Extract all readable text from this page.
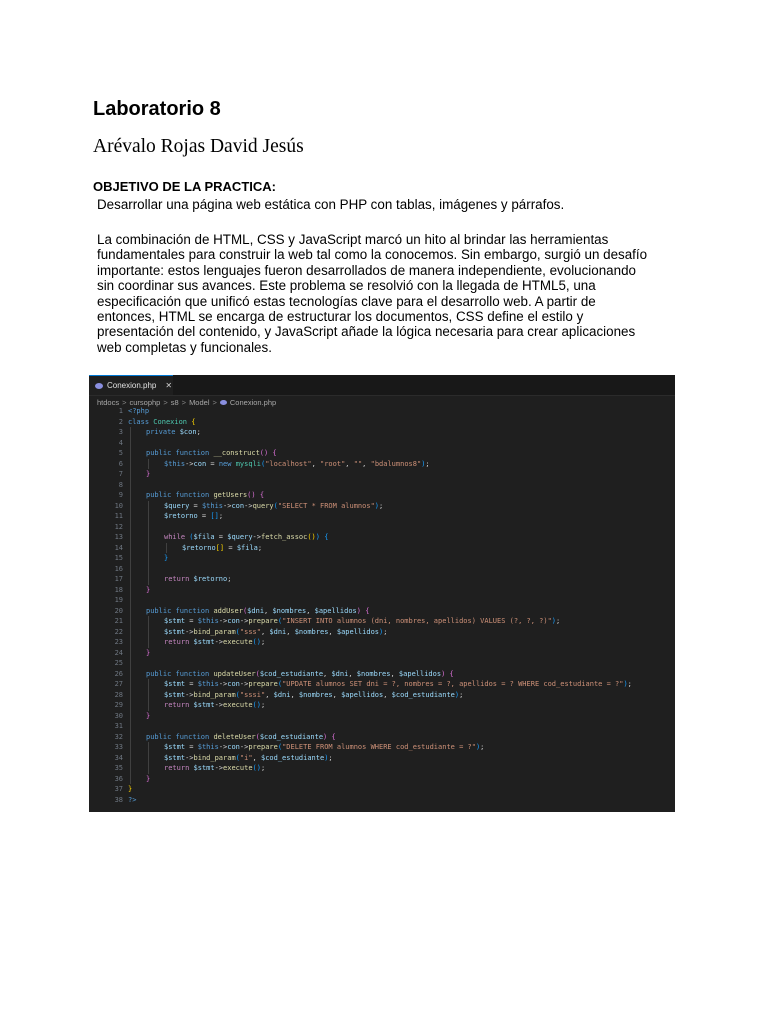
Laboratorio 8

Arévalo Rojas David Jesús

OBJETIVO DE LA PRACTICA:

Desarrollar una página web estática con PHP con tablas, imágenes y párrafos.

La combinación de HTML, CSS y JavaScript marcó un hito al brindar las herramientas
fundamentales para construir la web tal como la conocemos. Sin embargo, surgió un desafío
importante: estos lenguajes fueron desarrollados de manera independiente, evolucionando
sin coordinar sus avances. Este problema se resolvió con la llegada de HTML5, una
especificación que unificó estas tecnologías clave para el desarrollo web. A partir de
entonces, HTML se encarga de estructurar los documentos, CSS define el estilo y
presentación del contenido, y JavaScript añade la lógica necesaria para crear aplicaciones
web completas y funcionales.
Conexion.php ✕
htdocs > cursophp > s8 > Model > Conexion.php
1 <?php
2 class Conexion {
3	private $con;
4
5	public function __construct() {
6	$this->con = new mysqli("localhost", "root", "", "bdalumnos8");
7	}
8
9	public function getUsers() {
10	$query = $this->con->query("SELECT * FROM alumnos");
11	$retorno = [];
12
13	while ($fila = $query->fetch_assoc()) {
14	$retorno[] = $fila;
15	}
16
17	return $retorno;
18	}
19
20	public function addUser($dni, $nombres, $apellidos) {
21	$stmt = $this->con->prepare("INSERT INTO alumnos (dni, nombres, apellidos) VALUES (?, ?, ?)");
22	$stmt->bind_param("sss", $dni, $nombres, $apellidos);
23	return $stmt->execute();
24	}
25
26	public function updateUser($cod_estudiante, $dni, $nombres, $apellidos) {
27	$stmt = $this->con->prepare("UPDATE alumnos SET dni = ?, nombres = ?, apellidos = ? WHERE cod_estudiante = ?");
28	$stmt->bind_param("sssi", $dni, $nombres, $apellidos, $cod_estudiante);
29	return $stmt->execute();
30	}
31
32	public function deleteUser($cod_estudiante) {
33	$stmt = $this->con->prepare("DELETE FROM alumnos WHERE cod_estudiante = ?");
34	$stmt->bind_param("i", $cod_estudiante);
35	return $stmt->execute();
36	}
37 }
38 ?>
